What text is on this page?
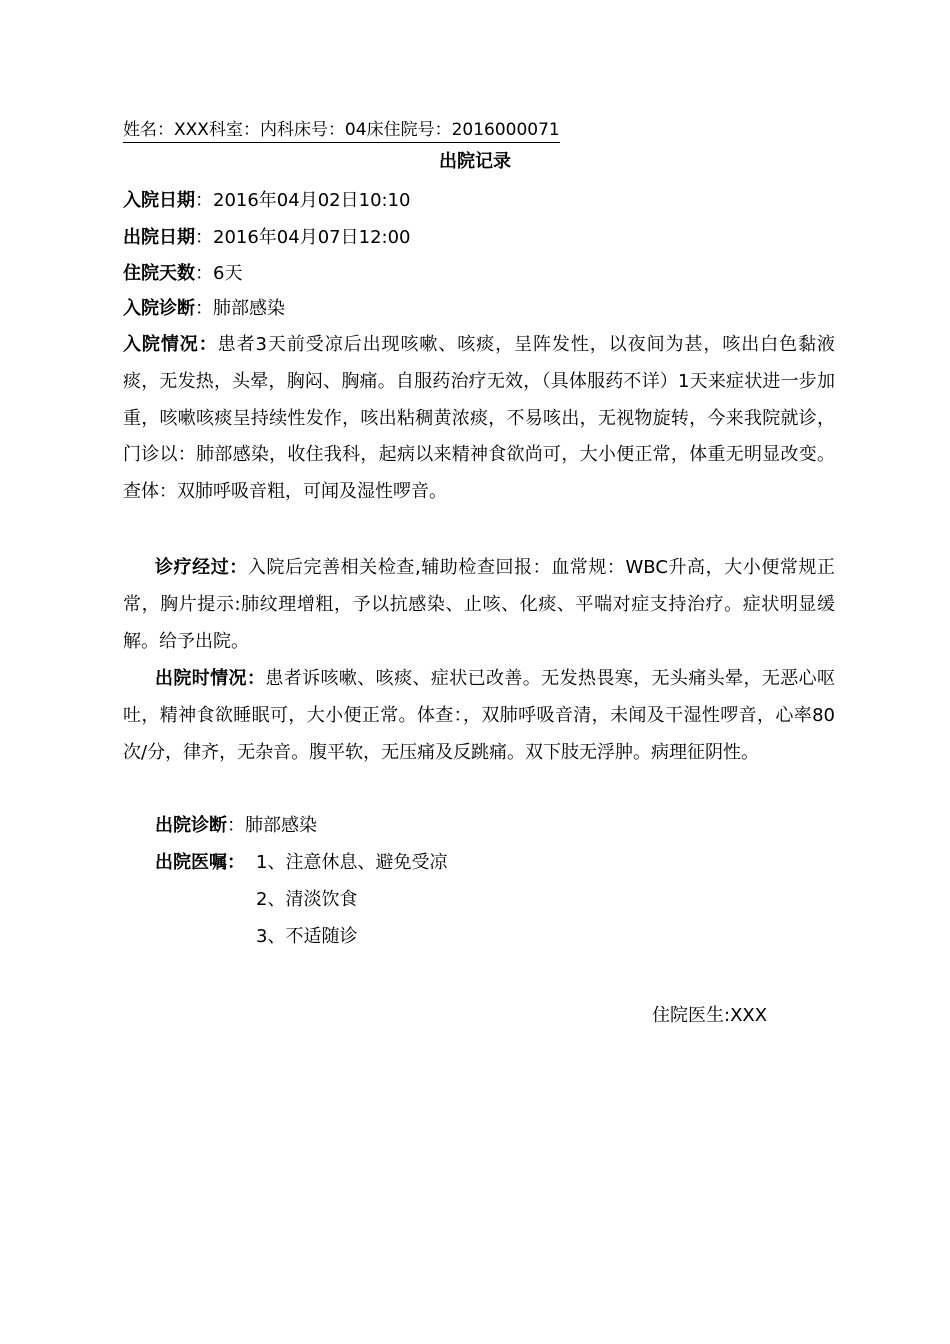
姓名：XXX科室：内科床号：04床住院号：2016000071
出院记录
入院日期：2016年04月02日10:10
出院日期：2016年04月07日12:00
住院天数：6天
入院诊断：肺部感染

入院情况：患者3天前受凉后出现咳嗽、咳痰，呈阵发性，以夜间为甚，咳出白色黏液痰，无发热，头晕，胸闷、胸痛。自服药治疗无效，（具体服药不详）1天来症状进一步加重，咳嗽咳痰呈持续性发作，咳出粘稠黄浓痰，不易咳出，无视物旋转，今来我院就诊，门诊以：肺部感染，收住我科，起病以来精神食欲尚可，大小便正常，体重无明显改变。查体：双肺呼吸音粗，可闻及湿性啰音。

诊疗经过：入院后完善相关检查,辅助检查回报：血常规：WBC升高，大小便常规正常，胸片提示:肺纹理增粗，予以抗感染、止咳、化痰、平喘对症支持治疗。症状明显缓解。给予出院。

出院时情况：患者诉咳嗽、咳痰、症状已改善。无发热畏寒，无头痛头晕，无恶心呕吐，精神食欲睡眠可，大小便正常。体查：，双肺呼吸音清，未闻及干湿性啰音，心率80次/分，律齐，无杂音。腹平软，无压痛及反跳痛。双下肢无浮肿。病理征阴性。

出院诊断：肺部感染
出院医嘱： 1、注意休息、避免受凉
2、清淡饮食
3、不适随诊
住院医生:XXX
